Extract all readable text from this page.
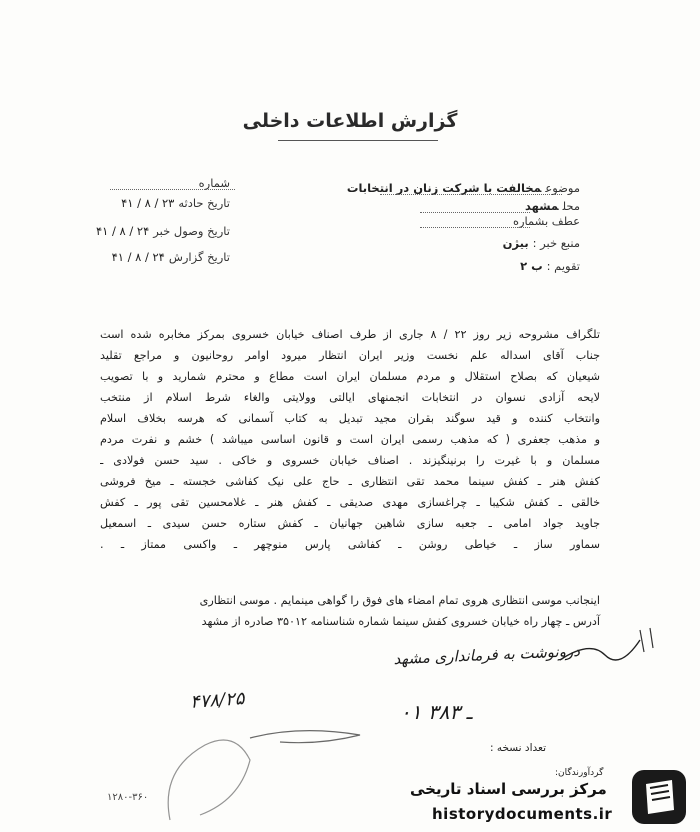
گزارش اطلاعات داخلی
موضوعمخالفت با شرکت زنان در انتخابات
محلمشهد
عطف بشماره
منبع خبر :بیژن
تقویم :ب ۲
شماره
تاریخ حادثه۲۳ / ۸ / ۴۱
تاریخ وصول خبر۲۴ / ۸ / ۴۱
تاریخ گزارش۲۴ / ۸ / ۴۱
تلگراف مشروحه زیر روز ۲۲ / ۸ جاری از طرف اصناف خیابان خسروی بمرکز مخابره شده است
جناب آقای اسداله علم نخست وزیر ایران انتظار میرود اوامر روحانیون و مراجع تقلید
شیعیان که بصلاح استقلال و مردم مسلمان ایران است مطاع و محترم شمارید و با تصویب
لایحه آزادی نسوان در انتخابات انجمنهای ایالتی وولایتی والغاء شرط اسلام از منتخب
وانتخاب کننده و قید سوگند بقران مجید تبدیل به کتاب آسمانی که هرسه بخلاف اسلام
و مذهب جعفری ( که مذهب رسمی ایران است و قانون اساسی میباشد ) خشم و نفرت مردم
مسلمان و با غیرت را برنینگیزند . اصناف خیابان خسروی و خاکی . سید حسن فولادی ـ
کفش هنر ـ کفش سینما محمد تقی انتظاری ـ حاج علی نیک کفاشی خجسته ـ میخ فروشی
خالقی ـ کفش شکیبا ـ چراغسازی مهدی صدیقی ـ کفش هنر ـ غلامحسین تقی پور ـ کفش
جاوید جواد امامی ـ جعبه سازی شاهین جهانیان ـ کفش ستاره حسن سیدی ـ اسمعیل
سماور ساز ـ خیاطی روشن ـ کفاشی پارس منوچهر ـ واکسی ممتاز ـ .
اینجانب موسی انتظاری هروی تمام امضاء های فوق را گواهی مینمایم . موسی انتظاری
آدرس ـ چهار راه خیابان خسروی کفش سینما شماره شناسنامه ۳۵۰۱۲ صادره از مشهد
درونوشت به فرمانداری مشهد
۴۷۸/۲۵	۰۱ ـ ۳۸۳
تعداد نسخه :
۱۲۸۰-۳۶۰
گردآورندگان:
مرکز بررسی اسناد تاریخی
historydocuments.ir
